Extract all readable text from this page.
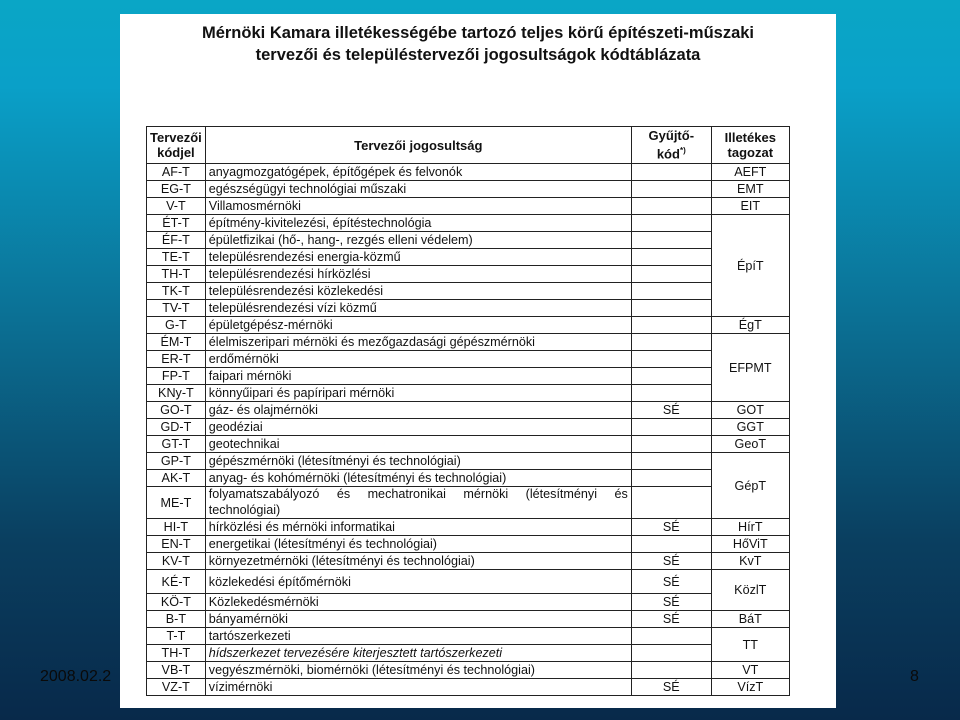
Mérnöki Kamara illetékességébe tartozó teljes körű építészeti-műszaki
tervezői és településtervezői jogosultságok kódtáblázata
Tervezői kódjel	Tervezői jogosultság	Gyűjtő-kód*)	Illetékes tagozat
AF-T	anyagmozgatógépek, építőgépek és felvonók		AEFT
EG-T	egészségügyi technológiai műszaki		EMT
V-T	Villamosmérnöki		EIT
ÉT-T	építmény-kivitelezési, építéstechnológia		ÉpíT
ÉF-T	épületfizikai (hő-, hang-, rezgés elleni védelem)		
TE-T	településrendezési energia-közmű		
TH-T	településrendezési hírközlési		
TK-T	településrendezési közlekedési		
TV-T	településrendezési vízi közmű		
G-T	épületgépész-mérnöki		ÉgT
ÉM-T	élelmiszeripari mérnöki és mezőgazdasági gépészmérnöki		EFPMT
ER-T	erdőmérnöki		
FP-T	faipari mérnöki		
KNy-T	könnyűipari és papíripari mérnöki		
GO-T	gáz- és olajmérnöki	SÉ	GOT
GD-T	geodéziai		GGT
GT-T	geotechnikai		GeoT
GP-T	gépészmérnöki (létesítményi és technológiai)		GépT
AK-T	anyag- és kohómérnöki (létesítményi és technológiai)		
ME-T	folyamatszabályozó és mechatronikai mérnöki (létesítményi és technológiai)		
HI-T	hírközlési és mérnöki informatikai	SÉ	HírT
EN-T	energetikai (létesítményi és technológiai)		HőViT
KV-T	környezetmérnöki (létesítményi és technológiai)	SÉ	KvT
KÉ-T	közlekedési építőmérnöki	SÉ	KözlT
KÖ-T	Közlekedésmérnöki	SÉ	
B-T	bányamérnöki	SÉ	BáT
T-T	tartószerkezeti		TT
TH-T	hídszerkezet tervezésére kiterjesztett tartószerkezeti		
VB-T	vegyészmérnöki, biomérnöki (létesítményi és technológiai)		VT
VZ-T	vízimérnöki	SÉ	VízT
2008.02.2	8
